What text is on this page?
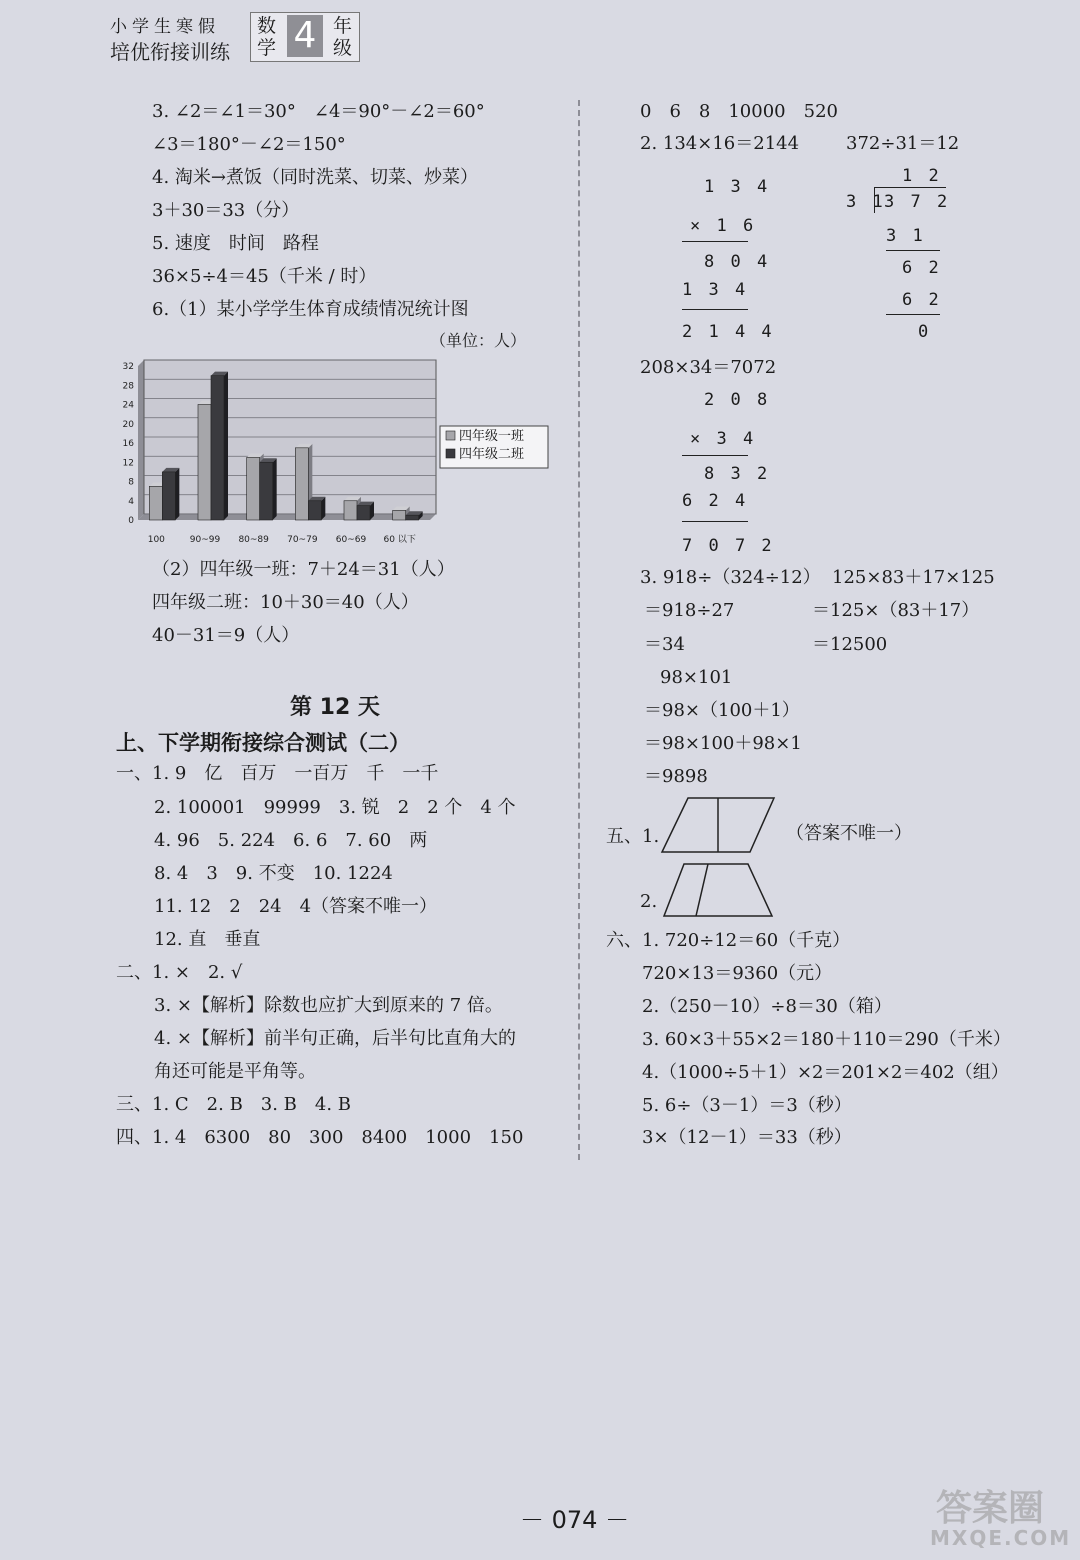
小学生寒假
培优衔接训练
数
学 4 年
级
3. ∠2＝∠1＝30°　∠4＝90°－∠2＝60°
∠3＝180°－∠2＝150°
4. 淘米→煮饭（同时洗菜、切菜、炒菜）
3＋30＝33（分）
5. 速度　时间　路程
36×5÷4＝45（千米 / 时）
6.（1）某小学学生体育成绩情况统计图
（单位：人）
0
4
8
12
16
20
24
28
32
100	90~99 80~89 70~79 60~69 60 以下
四年级一班
四年级二班
（2）四年级一班：7＋24＝31（人）
四年级二班：10＋30＝40（人）
40－31＝9（人）
第 12 天
上、下学期衔接综合测试（二）
一、1. 9　亿　百万　一百万　千　一千
2. 100001　99999　3. 锐　2　2 个　4 个
4. 96　5. 224　6. 6　7. 60　两
8. 4　3　9. 不变　10. 1224
11. 12　2　24　4（答案不唯一）
12. 直　垂直
二、1. ×　2. √
3. ×【解析】除数也应扩大到原来的 7 倍。
4. ×【解析】前半句正确，后半句比直角大的
角还可能是平角等。
三、1. C　2. B　3. B　4. B
四、1. 4　6300　80　300　8400　1000　150
0　6　8　10000　520
2. 134×16＝2144	372÷31＝12
1 3 4
× 1 6
8 0 4
1 3 4
2 1 4 4
1 2
3 1
3 7 2
3 1
6 2
6 2
0
208×34＝7072
2 0 8
× 3 4
8 3 2
6 2 4
7 0 7 2
3. 918÷（324÷12）
＝918÷27
＝34
125×83＋17×125
＝125×（83＋17）
＝12500
98×101
＝98×（100＋1）
＝98×100＋98×1
＝9898
五、1.	（答案不唯一）
2.
六、1. 720÷12＝60（千克）
720×13＝9360（元）
2.（250－10）÷8＝30（箱）
3. 60×3＋55×2＝180＋110＝290（千米）
4.（1000÷5＋1）×2＝201×2＝402（组）
5. 6÷（3－1）＝3（秒）
3×（12－1）＝33（秒）
－ 074 －	答案圈
MXQE.COM
